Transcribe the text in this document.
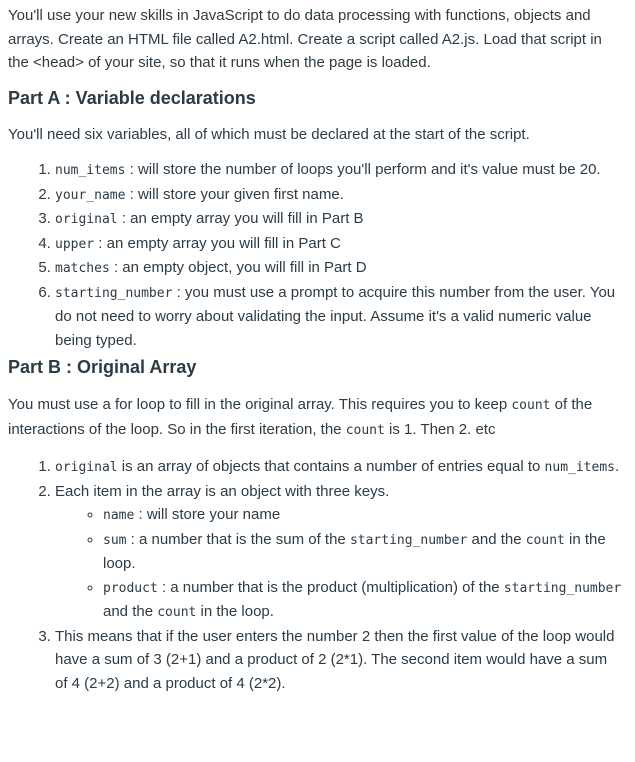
You'll use your new skills in JavaScript to do data processing with functions, objects and arrays. Create an HTML file called A2.html. Create a script called A2.js. Load that script in the <head> of your site, so that it runs when the page is loaded.

Part A : Variable declarations

You'll need six variables, all of which must be declared at the start of the script.

1. num_items : will store the number of loops you'll perform and it's value must be 20.
2. your_name : will store your given first name.
3. original : an empty array you will fill in Part B
4. upper : an empty array you will fill in Part C
5. matches : an empty object, you will fill in Part D
6. starting_number : you must use a prompt to acquire this number from the user. You do not need to worry about validating the input. Assume it's a valid numeric value being typed.
Part B : Original Array

You must use a for loop to fill in the original array. This requires you to keep count of the interactions of the loop. So in the first iteration, the count is 1. Then 2. etc

1. original is an array of objects that contains a number of entries equal to num_items.
2. Each item in the array is an object with three keys.
◦ name : will store your name
◦ sum : a number that is the sum of the starting_number and the count in the loop.
◦ product : a number that is the product (multiplication) of the starting_number and the count in the loop.
3. This means that if the user enters the number 2 then the first value of the loop would have a sum of 3 (2+1) and a product of 2 (2*1). The second item would have a sum of 4 (2+2) and a product of 4 (2*2).
